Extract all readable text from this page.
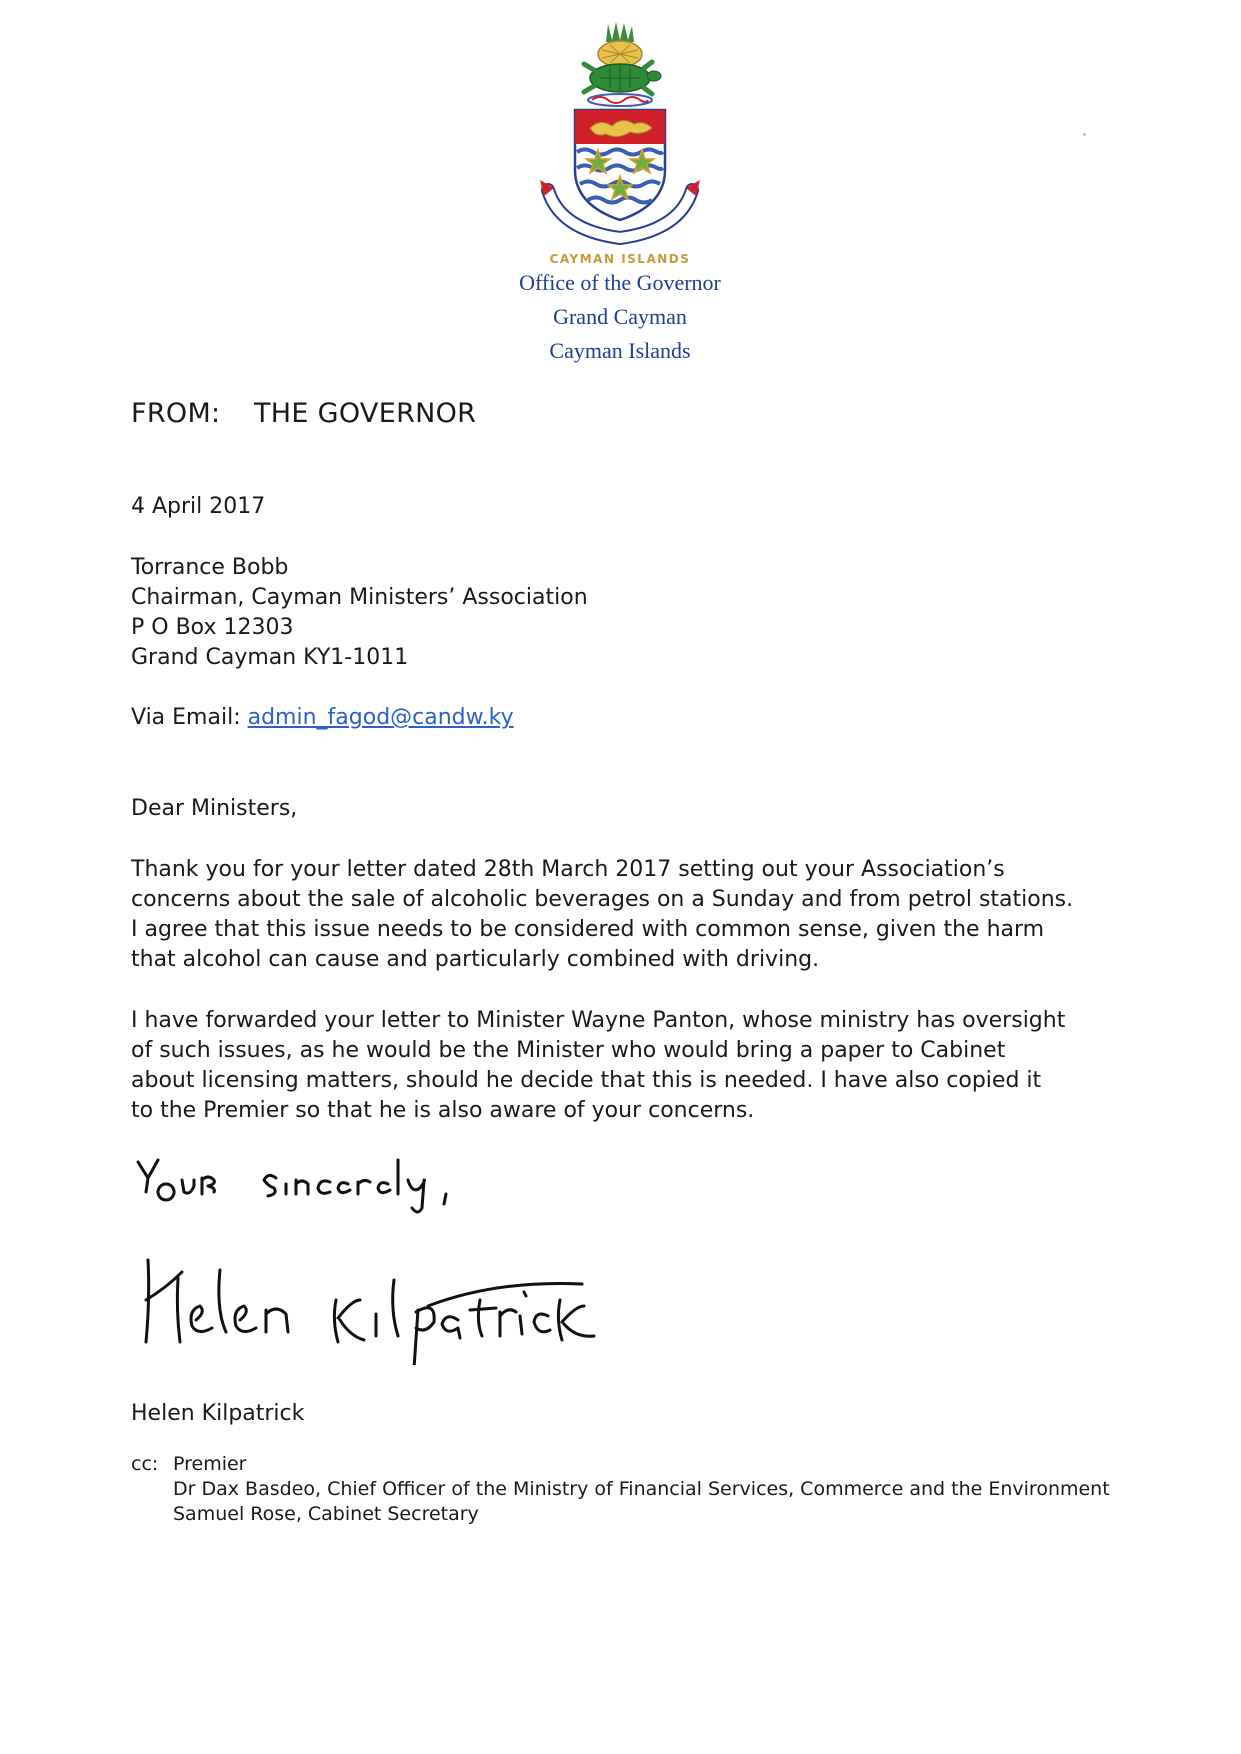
CAYMAN ISLANDS
Office of the Governor
Grand Cayman
Cayman Islands
FROM: THE GOVERNOR
4 April 2017
Torrance Bobb
Chairman, Cayman Ministers’ Association
P O Box 12303
Grand Cayman KY1-1011
Via Email: admin_fagod@candw.ky
Dear Ministers,
Thank you for your letter dated 28th March 2017 setting out your Association’s
concerns about the sale of alcoholic beverages on a Sunday and from petrol stations.
I agree that this issue needs to be considered with common sense, given the harm
that alcohol can cause and particularly combined with driving.
I have forwarded your letter to Minister Wayne Panton, whose ministry has oversight
of such issues, as he would be the Minister who would bring a paper to Cabinet
about licensing matters, should he decide that this is needed. I have also copied it
to the Premier so that he is also aware of your concerns.
Helen Kilpatrick
cc: Premier
Dr Dax Basdeo, Chief Officer of the Ministry of Financial Services, Commerce and the Environment
Samuel Rose, Cabinet Secretary
